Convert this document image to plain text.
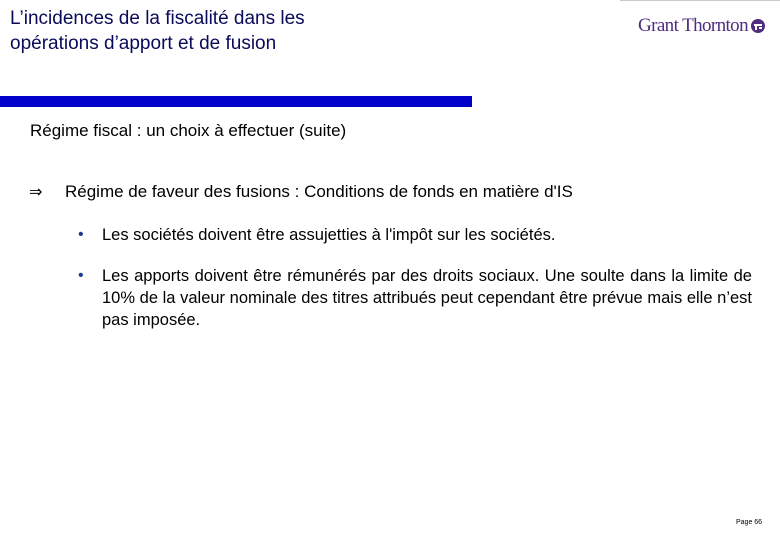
L’incidences de la fiscalité dans les
opérations d’apport et de fusion
Grant Thornton
Régime fiscal : un choix à effectuer (suite)
⇒	Régime de faveur des fusions : Conditions de fonds en matière d'IS
•	Les sociétés doivent être assujetties à l'impôt sur les sociétés.
•	Les apports doivent être rémunérés par des droits sociaux. Une soulte dans la limite de 10% de la valeur nominale des titres attribués peut cependant être prévue mais elle n’est pas imposée.
Page 66
